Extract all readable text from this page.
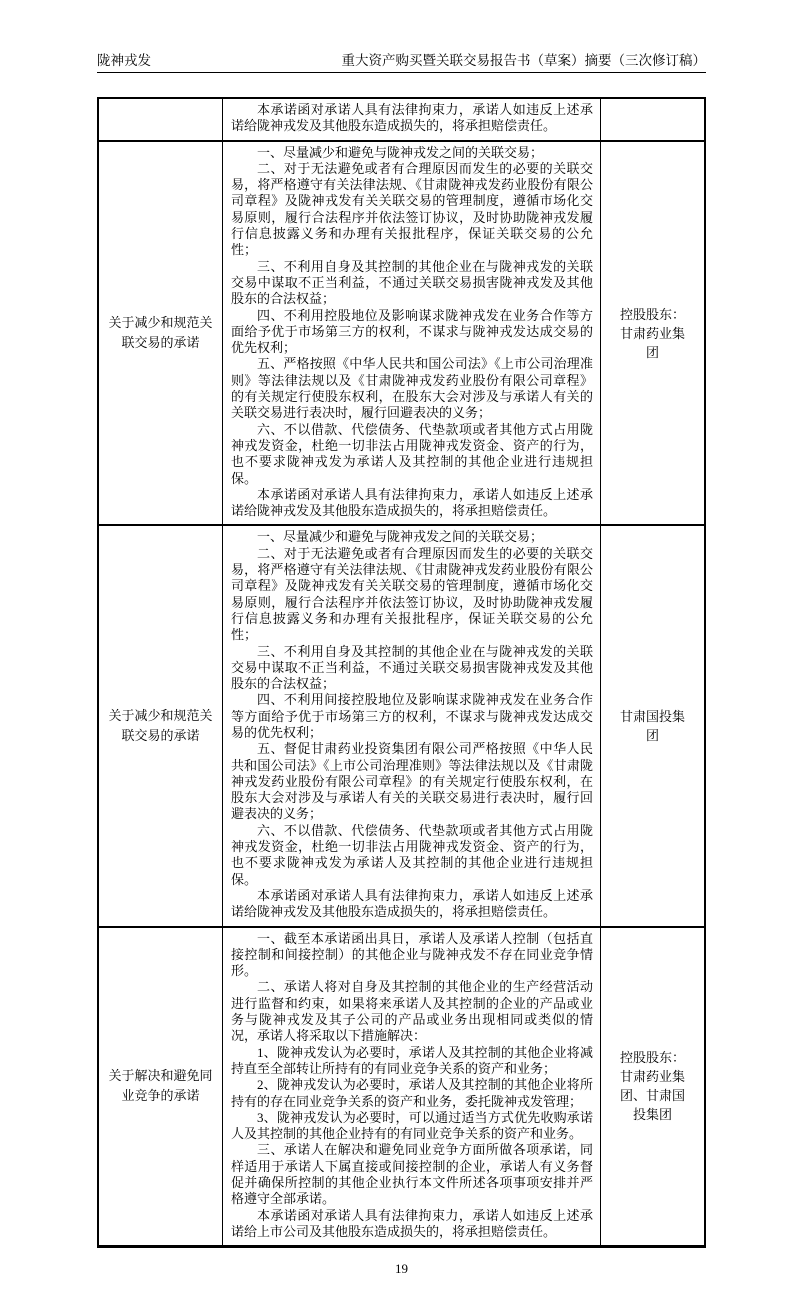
陇神戎发	重大资产购买暨关联交易报告书（草案）摘要（三次修订稿）

本承诺函对承诺人具有法律拘束力，承诺人如违反上述承诺给陇神戎发及其他股东造成损失的，将承担赔偿责任。

关于减少和规范关联交易的承诺

一、尽量减少和避免与陇神戎发之间的关联交易；

二、对于无法避免或者有合理原因而发生的必要的关联交易，将严格遵守有关法律法规、《甘肃陇神戎发药业股份有限公司章程》及陇神戎发有关关联交易的管理制度，遵循市场化交易原则，履行合法程序并依法签订协议，及时协助陇神戎发履行信息披露义务和办理有关报批程序，保证关联交易的公允性；

三、不利用自身及其控制的其他企业在与陇神戎发的关联交易中谋取不正当利益，不通过关联交易损害陇神戎发及其他股东的合法权益；

四、不利用控股地位及影响谋求陇神戎发在业务合作等方面给予优于市场第三方的权利，不谋求与陇神戎发达成交易的优先权利；

五、严格按照《中华人民共和国公司法》《上市公司治理准则》等法律法规以及《甘肃陇神戎发药业股份有限公司章程》的有关规定行使股东权利，在股东大会对涉及与承诺人有关的关联交易进行表决时，履行回避表决的义务；

六、不以借款、代偿债务、代垫款项或者其他方式占用陇神戎发资金，杜绝一切非法占用陇神戎发资金、资产的行为，也不要求陇神戎发为承诺人及其控制的其他企业进行违规担保。

本承诺函对承诺人具有法律拘束力，承诺人如违反上述承诺给陇神戎发及其他股东造成损失的，将承担赔偿责任。

控股股东：
甘肃药业集
团
关于减少和规范关联交易的承诺

一、尽量减少和避免与陇神戎发之间的关联交易；

二、对于无法避免或者有合理原因而发生的必要的关联交易，将严格遵守有关法律法规、《甘肃陇神戎发药业股份有限公司章程》及陇神戎发有关关联交易的管理制度，遵循市场化交易原则，履行合法程序并依法签订协议，及时协助陇神戎发履行信息披露义务和办理有关报批程序，保证关联交易的公允性；

三、不利用自身及其控制的其他企业在与陇神戎发的关联交易中谋取不正当利益，不通过关联交易损害陇神戎发及其他股东的合法权益；

四、不利用间接控股地位及影响谋求陇神戎发在业务合作等方面给予优于市场第三方的权利，不谋求与陇神戎发达成交易的优先权利；

五、督促甘肃药业投资集团有限公司严格按照《中华人民共和国公司法》《上市公司治理准则》等法律法规以及《甘肃陇神戎发药业股份有限公司章程》的有关规定行使股东权利，在股东大会对涉及与承诺人有关的关联交易进行表决时，履行回避表决的义务；

六、不以借款、代偿债务、代垫款项或者其他方式占用陇神戎发资金，杜绝一切非法占用陇神戎发资金、资产的行为，也不要求陇神戎发为承诺人及其控制的其他企业进行违规担保。

本承诺函对承诺人具有法律拘束力，承诺人如违反上述承诺给陇神戎发及其他股东造成损失的，将承担赔偿责任。

甘肃国投集
团
关于解决和避免同业竞争的承诺

一、截至本承诺函出具日，承诺人及承诺人控制（包括直接控制和间接控制）的其他企业与陇神戎发不存在同业竞争情形。

二、承诺人将对自身及其控制的其他企业的生产经营活动进行监督和约束，如果将来承诺人及其控制的企业的产品或业务与陇神戎发及其子公司的产品或业务出现相同或类似的情况，承诺人将采取以下措施解决：

1、陇神戎发认为必要时，承诺人及其控制的其他企业将减持直至全部转让所持有的有同业竞争关系的资产和业务；

2、陇神戎发认为必要时，承诺人及其控制的其他企业将所持有的存在同业竞争关系的资产和业务，委托陇神戎发管理；

3、陇神戎发认为必要时，可以通过适当方式优先收购承诺人及其控制的其他企业持有的有同业竞争关系的资产和业务。

三、承诺人在解决和避免同业竞争方面所做各项承诺，同样适用于承诺人下属直接或间接控制的企业，承诺人有义务督促并确保所控制的其他企业执行本文件所述各项事项安排并严格遵守全部承诺。

本承诺函对承诺人具有法律拘束力，承诺人如违反上述承诺给上市公司及其他股东造成损失的，将承担赔偿责任。

控股股东：
甘肃药业集
团、甘肃国
投集团
19
